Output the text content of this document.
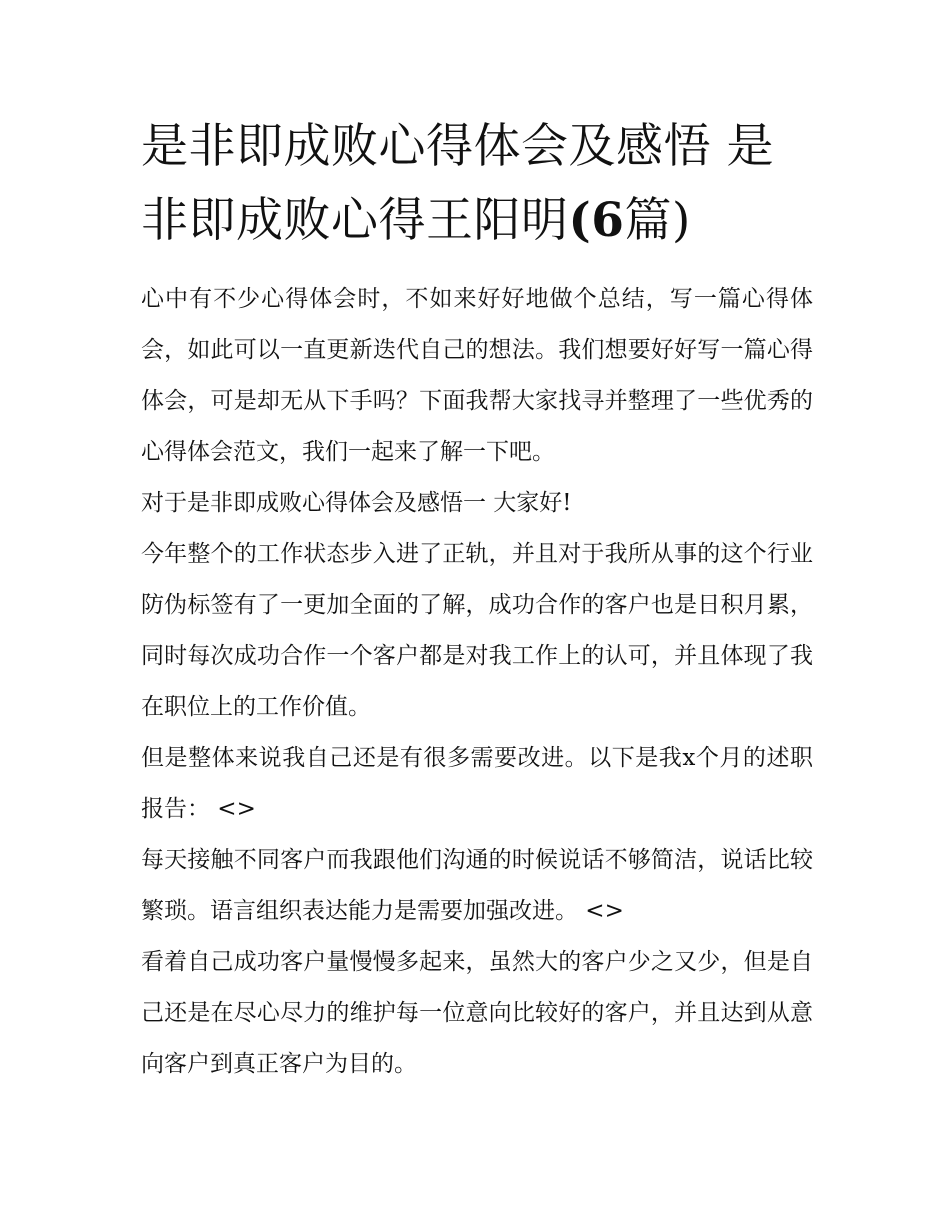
是非即成败心得体会及感悟 是非即成败心得王阳明(6篇)

心中有不少心得体会时，不如来好好地做个总结，写一篇心得体会，如此可以一直更新迭代自己的想法。我们想要好好写一篇心得体会，可是却无从下手吗？下面我帮大家找寻并整理了一些优秀的心得体会范文，我们一起来了解一下吧。

对于是非即成败心得体会及感悟一 大家好!

今年整个的工作状态步入进了正轨，并且对于我所从事的这个行业防伪标签有了一更加全面的了解，成功合作的客户也是日积月累，同时每次成功合作一个客户都是对我工作上的认可，并且体现了我在职位上的工作价值。

但是整体来说我自己还是有很多需要改进。以下是我x个月的述职报告： <>

每天接触不同客户而我跟他们沟通的时候说话不够简洁，说话比较繁琐。语言组织表达能力是需要加强改进。 <>

看着自己成功客户量慢慢多起来，虽然大的客户少之又少，但是自己还是在尽心尽力的维护每一位意向比较好的客户，并且达到从意向客户到真正客户为目的。
